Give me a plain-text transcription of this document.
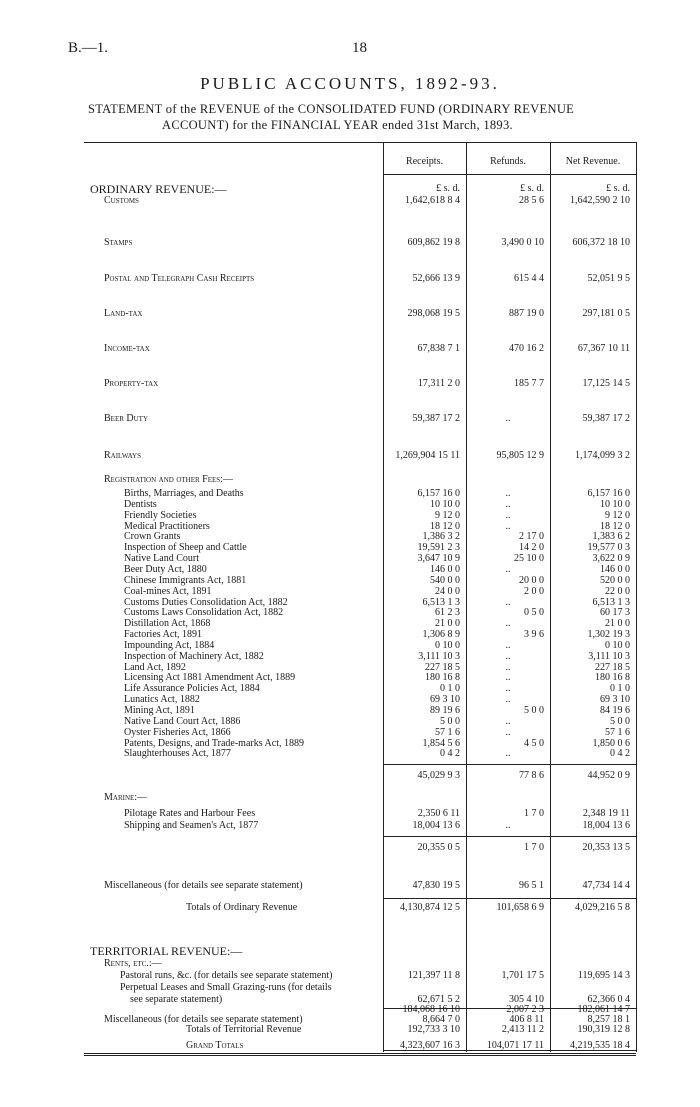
B.—1.	18
PUBLIC ACCOUNTS, 1892-93.
STATEMENT of the REVENUE of the CONSOLIDATED FUND (ORDINARY REVENUE
ACCOUNT) for the FINANCIAL YEAR ended 31st March, 1893.
Receipts.	Refunds.	Net Revenue.
ORDINARY REVENUE:—	£ s. d.	£ s. d.	£ s. d.
Customs	1,642,618 8 4	28 5 6	1,642,590 2 10
Stamps	609,862 19 8	3,490 0 10	606,372 18 10
Postal and Telegraph Cash Receipts	52,666 13 9	615 4 4	52,051 9 5
Land-tax	298,068 19 5	887 19 0	297,181 0 5
Income-tax	67,838 7 1	470 16 2	67,367 10 11
Property-tax	17,311 2 0	185 7 7	17,125 14 5
Beer Duty	59,387 17 2	..	59,387 17 2
Railways	1,269,904 15 11	95,805 12 9	1,174,099 3 2
Registration and other Fees:—
Births, Marriages, and Deaths	6,157 16 0	..	6,157 16 0
Dentists	10 10 0	..	10 10 0
Friendly Societies	9 12 0	..	9 12 0
Medical Practitioners	18 12 0	..	18 12 0
Crown Grants	1,386 3 2	2 17 0	1,383 6 2
Inspection of Sheep and Cattle	19,591 2 3	14 2 0	19,577 0 3
Native Land Court	3,647 10 9	25 10 0	3,622 0 9
Beer Duty Act, 1880	146 0 0	..	146 0 0
Chinese Immigrants Act, 1881	540 0 0	20 0 0	520 0 0
Coal-mines Act, 1891	24 0 0	2 0 0	22 0 0
Customs Duties Consolidation Act, 1882	6,513 1 3	..	6,513 1 3
Customs Laws Consolidation Act, 1882	61 2 3	0 5 0	60 17 3
Distillation Act, 1868	21 0 0	..	21 0 0
Factories Act, 1891	1,306 8 9	3 9 6	1,302 19 3
Impounding Act, 1884	0 10 0	..	0 10 0
Inspection of Machinery Act, 1882	3,111 10 3	..	3,111 10 3
Land Act, 1892	227 18 5	..	227 18 5
Licensing Act 1881 Amendment Act, 1889	180 16 8	..	180 16 8
Life Assurance Policies Act, 1884	0 1 0	..	0 1 0
Lunatics Act, 1882	69 3 10	..	69 3 10
Mining Act, 1891	89 19 6	5 0 0	84 19 6
Native Land Court Act, 1886	5 0 0	..	5 0 0
Oyster Fisheries Act, 1866	57 1 6	..	57 1 6
Patents, Designs, and Trade-marks Act, 1889	1,854 5 6	4 5 0	1,850 0 6
Slaughterhouses Act, 1877	0 4 2	..	0 4 2
45,029 9 3	77 8 6	44,952 0 9
Marine:—
Pilotage Rates and Harbour Fees	2,350 6 11	1 7 0	2,348 19 11
Shipping and Seamen's Act, 1877	18,004 13 6	..	18,004 13 6
20,355 0 5	1 7 0	20,353 13 5
Miscellaneous (for details see separate statement)	47,830 19 5	96 5 1	47,734 14 4
Totals of Ordinary Revenue	4,130,874 12 5	101,658 6 9	4,029,216 5 8
TERRITORIAL REVENUE:—
Rents, etc.:—
Pastoral runs, &c. (for details see separate statement)	121,397 11 8	1,701 17 5	119,695 14 3
Perpetual Leases and Small Grazing-runs (for details
see separate statement)	62,671 5 2	305 4 10	62,366 0 4
184,068 16 10	2,007 2 3	182,061 14 7
Miscellaneous (for details see separate statement)	8,664 7 0	406 8 11	8,257 18 1
Totals of Territorial Revenue	192,733 3 10	2,413 11 2	190,319 12 8
Grand Totals	4,323,607 16 3	104,071 17 11	4,219,535 18 4
